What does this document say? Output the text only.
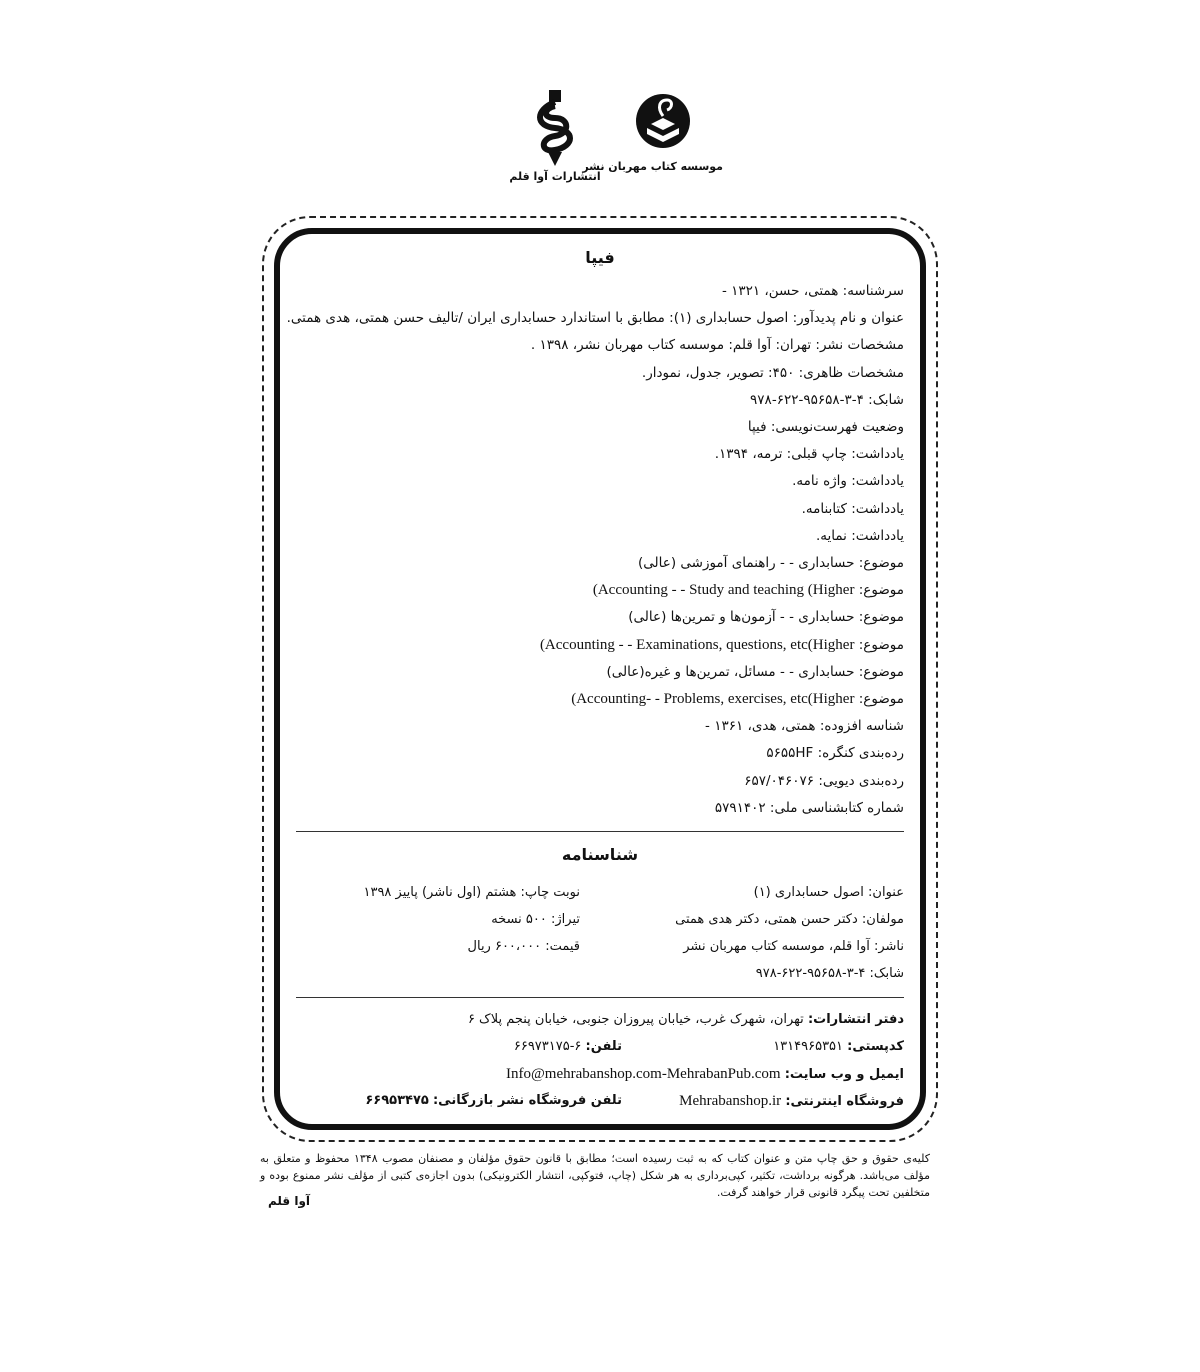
موسسه کتاب مهربان نشر
انتشارات آوا قلم
فیپا
سرشناسه: همتی، حسن، ۱۳۲۱ -
عنوان و نام پدیدآور: اصول حسابداری (۱): مطابق با استاندارد حسابداری ایران /تالیف حسن همتی، هدی همتی.
مشخصات نشر: تهران: آوا قلم: موسسه کتاب مهربان نشر، ۱۳۹۸ .
مشخصات ظاهری: ۴۵۰: تصویر، جدول، نمودار.
شابک: ۴-۳-۹۵۶۵۸-۶۲۲-۹۷۸
وضعیت فهرست‌نویسی: فیپا
یادداشت: چاپ قبلی: ترمه، ۱۳۹۴.
یادداشت: واژه نامه.
یادداشت: کتابنامه.
یادداشت: نمایه.
موضوع: حسابداری - - راهنمای آموزشی (عالی)
موضوع: (Accounting - - Study and teaching (Higher
موضوع: حسابداری - - آزمون‌ها و تمرین‌ها (عالی)
موضوع: (Accounting - - Examinations, questions, etc(Higher
موضوع: حسابداری - - مسائل، تمرین‌ها و غیره(عالی)
موضوع: (Accounting- - Problems, exercises, etc(Higher
شناسه افزوده: همتی، هدی، ۱۳۶۱ -
رده‌بندی کنگره: ۵۶۵۵HF
رده‌بندی دیویی: ۶۵۷/۰۴۶۰۷۶
شماره کتابشناسی ملی: ۵۷۹۱۴۰۲
شناسنامه
عنوان: اصول حسابداری (۱)
مولفان: دکتر حسن همتی، دکتر هدی همتی
ناشر: آوا قلم، موسسه کتاب مهربان نشر
شابک: ۴-۳-۹۵۶۵۸-۶۲۲-۹۷۸
نوبت چاپ: هشتم (اول ناشر) پاییز ۱۳۹۸
تیراژ: ۵۰۰ نسخه
قیمت: ۶۰۰،۰۰۰ ریال
دفتر انتشارات: تهران، شهرک غرب، خیابان پیروزان جنوبی، خیابان پنجم پلاک ۶
کدپستی: ۱۳۱۴۹۶۵۳۵۱
تلفن: ۶-۶۶۹۷۳۱۷۵
ایمیل و وب سایت: Info@mehrabanshop.com-MehrabanPub.com
فروشگاه اینترنتی: Mehrabanshop.ir
تلفن فروشگاه نشر بازرگانی: ۶۶۹۵۳۴۷۵
کلیه‌ی حقوق و حق چاپ متن و عنوان کتاب که به ثبت رسیده است؛ مطابق با قانون حقوق مؤلفان و مصنفان مصوب ۱۳۴۸ محفوظ و متعلق به مؤلف می‌باشد. هرگونه برداشت، تکثیر، کپی‌برداری به هر شکل (چاپ، فتوکپی، انتشار الکترونیکی) بدون اجازه‌ی کتبی از مؤلف نشر ممنوع بوده و متخلفین تحت پیگرد قانونی قرار خواهند گرفت.
آوا قلم
